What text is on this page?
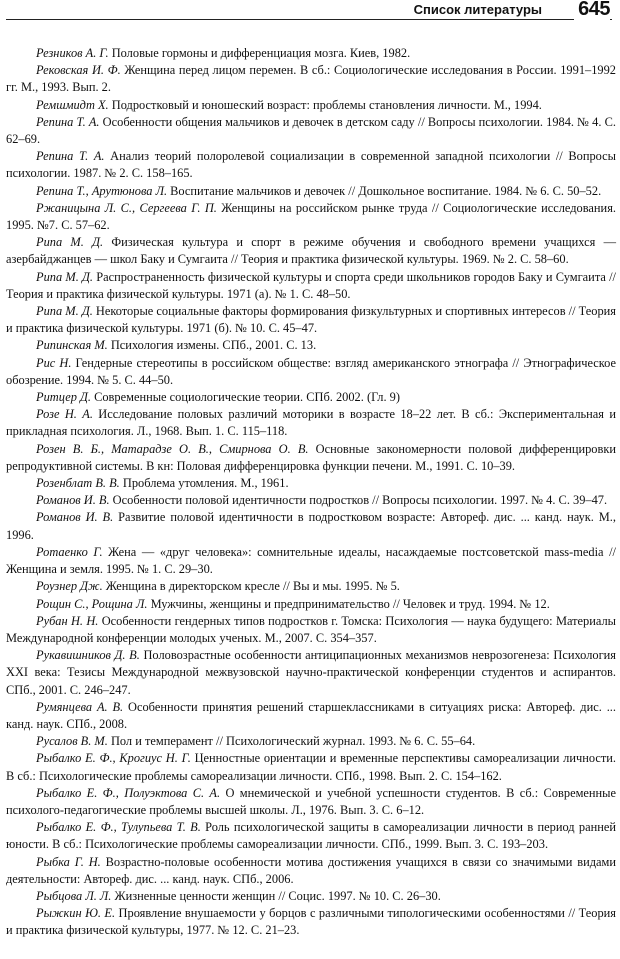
Список литературы 645

Резников А. Г. Половые гормоны и дифференциация мозга. Киев, 1982.

Рековская И. Ф. Женщина перед лицом перемен. В сб.: Социологические исследования в России. 1991–1992 гг. М., 1993. Вып. 2.

Ремшмидт Х. Подростковый и юношеский возраст: проблемы становления личности. М., 1994.

Репина Т. А. Особенности общения мальчиков и девочек в детском саду // Вопросы психологии. 1984. № 4. С. 62–69.

Репина Т. А. Анализ теорий полоролевой социализации в современной западной психологии // Вопросы психологии. 1987. № 2. С. 158–165.

Репина Т., Арутюнова Л. Воспитание мальчиков и девочек // Дошкольное воспитание. 1984. № 6. С. 50–52.

Ржаницына Л. С., Сергеева Г. П. Женщины на российском рынке труда // Социологические исследования. 1995. №7. С. 57–62.

Рипа М. Д. Физическая культура и спорт в режиме обучения и свободного времени учащихся — азербайджанцев — школ Баку и Сумгаита // Теория и практика физической культуры. 1969. № 2. С. 58–60.

Рипа М. Д. Распространенность физической культуры и спорта среди школьников городов Баку и Сумгаита // Теория и практика физической культуры. 1971 (а). № 1. С. 48–50.

Рипа М. Д. Некоторые социальные факторы формирования физкультурных и спортивных интересов // Теория и практика физической культуры. 1971 (б). № 10. С. 45–47.

Рипинская М. Психология измены. СПб., 2001. С. 13.

Рис Н. Гендерные стереотипы в российском обществе: взгляд американского этнографа // Этнографическое обозрение. 1994. № 5. С. 44–50.

Ритцер Д. Современные социологические теории. СПб. 2002. (Гл. 9)

Розе Н. А. Исследование половых различий моторики в возрасте 18–22 лет. В сб.: Экспериментальная и прикладная психология. Л., 1968. Вып. 1. С. 115–118.

Розен В. Б., Матарадзе О. В., Смирнова О. В. Основные закономерности половой дифференцировки репродуктивной системы. В кн: Половая дифференцировка функции печени. М., 1991. С. 10–39.

Розенблат В. В. Проблема утомления. М., 1961.

Романов И. В. Особенности половой идентичности подростков // Вопросы психологии. 1997. № 4. С. 39–47.

Романов И. В. Развитие половой идентичности в подростковом возрасте: Автореф. дис. ... канд. наук. М., 1996.

Ротаенко Г. Жена — «друг человека»: сомнительные идеалы, насаждаемые постсоветской mass-media // Женщина и земля. 1995. № 1. С. 29–30.

Роузнер Дж. Женщина в директорском кресле // Вы и мы. 1995. № 5.

Рощин С., Рощина Л. Мужчины, женщины и предпринимательство // Человек и труд. 1994. № 12.

Рубан Н. Н. Особенности гендерных типов подростков г. Томска: Психология — наука будущего: Материалы Международной конференции молодых ученых. М., 2007. С. 354–357.

Рукавишников Д. В. Половозрастные особенности антиципационных механизмов неврозогенеза: Психология XXI века: Тезисы Международной межвузовской научно-практической конференции студентов и аспирантов. СПб., 2001. С. 246–247.

Румянцева А. В. Особенности принятия решений старшеклассниками в ситуациях риска: Автореф. дис. ... канд. наук. СПб., 2008.

Русалов В. М. Пол и темперамент // Психологический журнал. 1993. № 6. С. 55–64.

Рыбалко Е. Ф., Крогиус Н. Г. Ценностные ориентации и временные перспективы самореализации личности. В сб.: Психологические проблемы самореализации личности. СПб., 1998. Вып. 2. С. 154–162.

Рыбалко Е. Ф., Полуэктова С. А. О мнемической и учебной успешности студентов. В сб.: Современные психолого-педагогические проблемы высшей школы. Л., 1976. Вып. 3. С. 6–12.

Рыбалко Е. Ф., Тулупьева Т. В. Роль психологической защиты в самореализации личности в период ранней юности. В сб.: Психологические проблемы самореализации личности. СПб., 1999. Вып. 3. С. 193–203.

Рыбка Г. Н. Возрастно-половые особенности мотива достижения учащихся в связи со значимыми видами деятельности: Автореф. дис. ... канд. наук. СПб., 2006.

Рыбцова Л. Л. Жизненные ценности женщин // Социс. 1997. № 10. С. 26–30.

Рыжкин Ю. Е. Проявление внушаемости у борцов с различными типологическими особенностями // Теория и практика физической культуры, 1977. № 12. С. 21–23.
